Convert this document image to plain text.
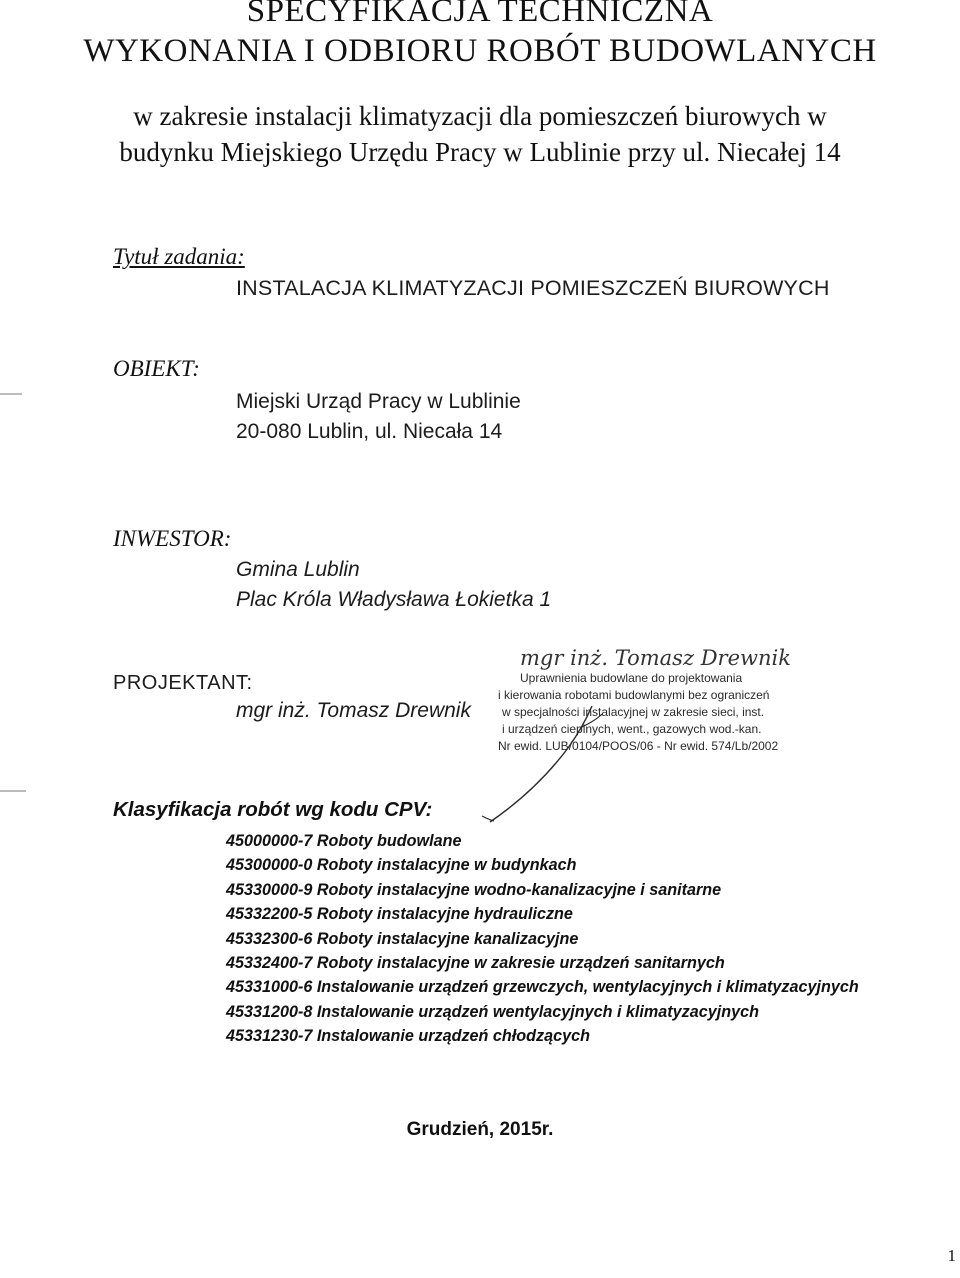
SPECYFIKACJA TECHNICZNA
WYKONANIA I ODBIORU ROBÓT BUDOWLANYCH
w zakresie instalacji klimatyzacji dla pomieszczeń biurowych w
budynku Miejskiego Urzędu Pracy w Lublinie przy ul. Niecałej 14
Tytuł zadania:
INSTALACJA KLIMATYZACJI POMIESZCZEŃ BIUROWYCH
OBIEKT:
Miejski Urząd Pracy w Lublinie
20-080 Lublin, ul. Niecała 14
INWESTOR:
Gmina Lublin
Plac Króla Władysława Łokietka 1
PROJEKTANT:
mgr inż. Tomasz Drewnik
mgr inż. Tomasz Drewnik
Uprawnienia budowlane do projektowania
i kierowania robotami budowlanymi bez ograniczeń
w specjalności instalacyjnej w zakresie sieci, inst.
i urządzeń cieplnych, went., gazowych wod.-kan.
Nr ewid. LUB/0104/POOS/06 - Nr ewid. 574/Lb/2002
Klasyfikacja robót wg kodu CPV:
45000000-7 Roboty budowlane
45300000-0 Roboty instalacyjne w budynkach
45330000-9 Roboty instalacyjne wodno-kanalizacyjne i sanitarne
45332200-5 Roboty instalacyjne hydrauliczne
45332300-6 Roboty instalacyjne kanalizacyjne
45332400-7 Roboty instalacyjne w zakresie urządzeń sanitarnych
45331000-6 Instalowanie urządzeń grzewczych, wentylacyjnych i klimatyzacyjnych
45331200-8 Instalowanie urządzeń wentylacyjnych i klimatyzacyjnych
45331230-7 Instalowanie urządzeń chłodzących
Grudzień, 2015r.
1
